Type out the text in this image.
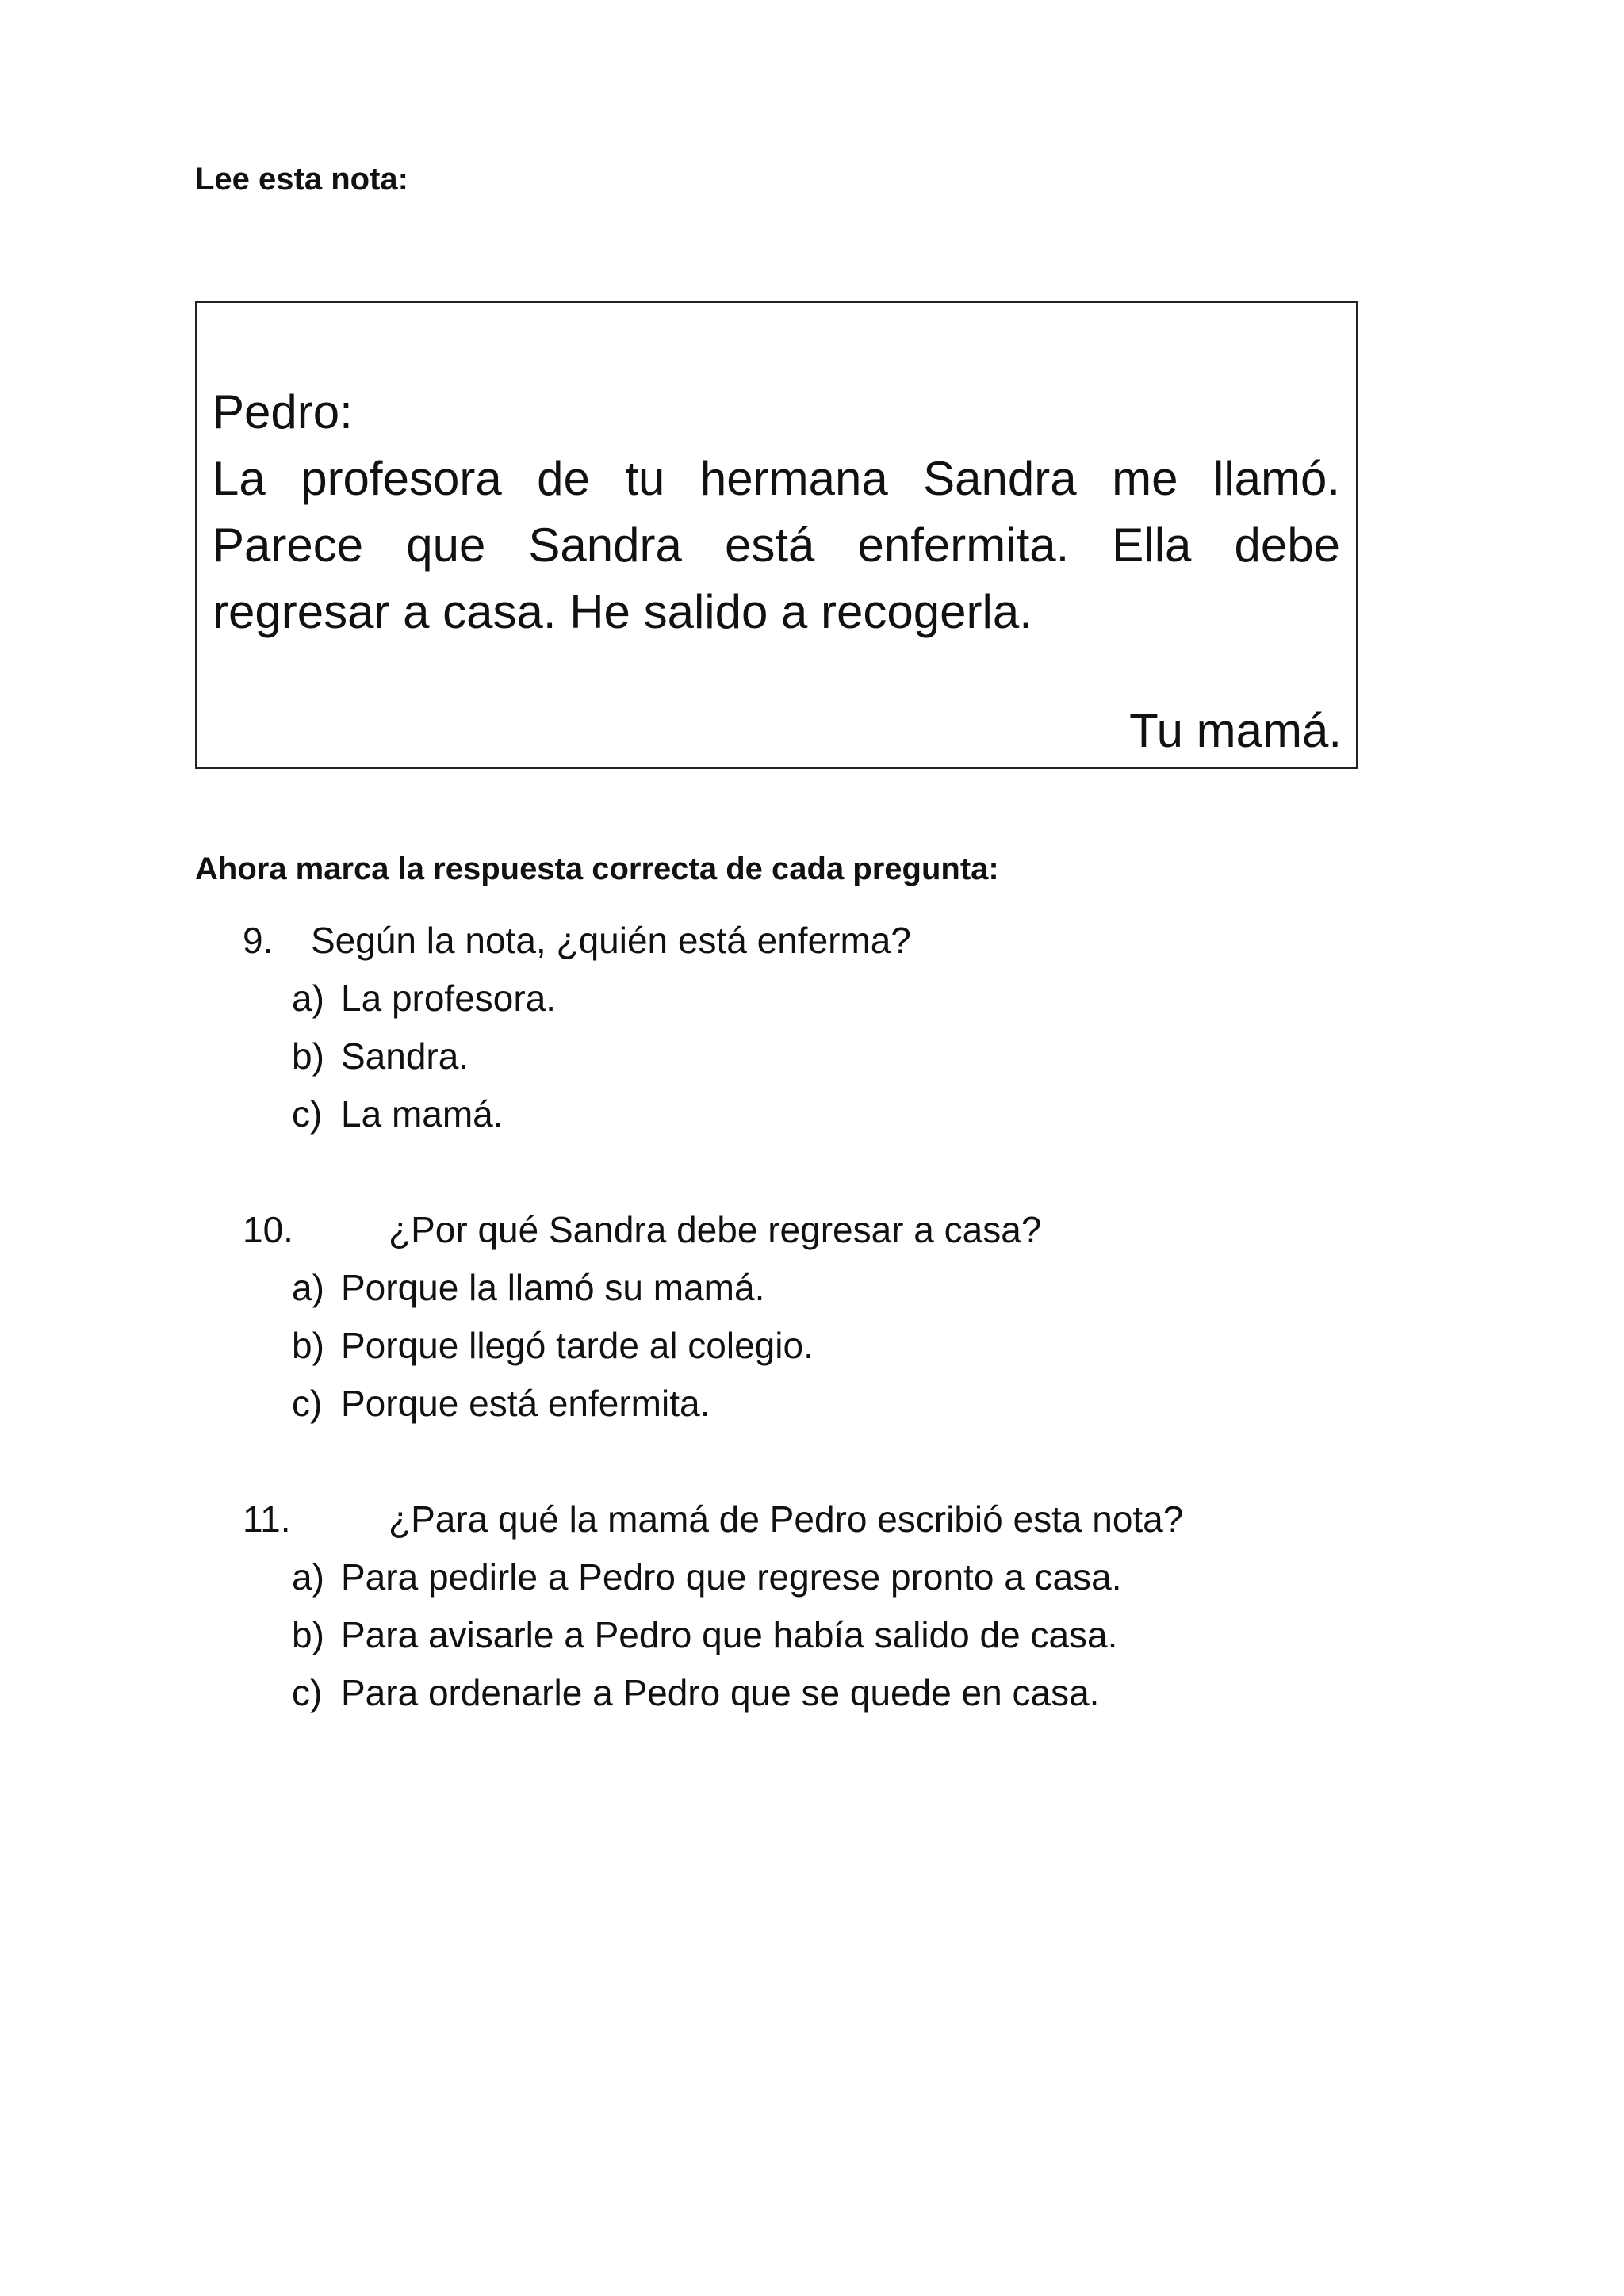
Lee esta nota:
Pedro:
La profesora de tu hermana Sandra me llamó. Parece que Sandra está enfermita. Ella debe regresar a casa. He salido a recogerla.
Tu mamá.
Ahora marca la respuesta correcta de cada pregunta:
9. Según la nota, ¿quién está enferma?
a) La profesora.
b) Sandra.
c) La mamá.
10.	¿Por qué Sandra debe regresar a casa?
a) Porque la llamó su mamá.
b) Porque llegó tarde al colegio.
c) Porque está enfermita.
11.	¿Para qué la mamá de Pedro escribió esta nota?
a) Para pedirle a Pedro que regrese pronto a casa.
b) Para avisarle a Pedro que había salido de casa.
c) Para ordenarle a Pedro que se quede en casa.
